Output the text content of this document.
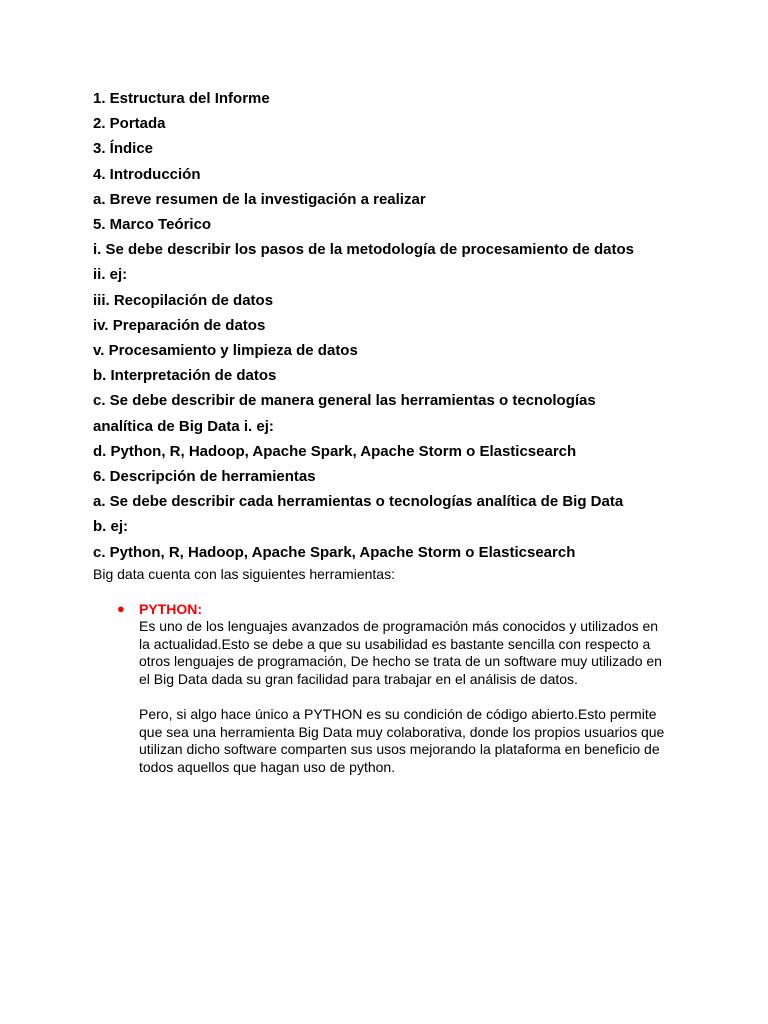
1. Estructura del Informe
2. Portada
3. Índice
4. Introducción
a. Breve resumen de la investigación a realizar
5. Marco Teórico
i. Se debe describir los pasos de la metodología de procesamiento de datos
ii. ej:
iii. Recopilación de datos
iv. Preparación de datos
v. Procesamiento y limpieza de datos
b. Interpretación de datos
c. Se debe describir de manera general las herramientas o tecnologías
analítica de Big Data i. ej:
d. Python, R, Hadoop, Apache Spark, Apache Storm o Elasticsearch
6. Descripción de herramientas
a. Se debe describir cada herramientas o tecnologías analítica de Big Data
b. ej:
c. Python, R, Hadoop, Apache Spark, Apache Storm o Elasticsearch

Big data cuenta con las siguientes herramientas:

● PYTHON:

Es uno de los lenguajes avanzados de programación más conocidos y utilizados en
la actualidad.Esto se debe a que su usabilidad es bastante sencilla con respecto a
otros lenguajes de programación, De hecho se trata de un software muy utilizado en
el Big Data dada su gran facilidad para trabajar en el análisis de datos.

Pero, si algo hace único a PYTHON es su condición de código abierto.Esto permite
que sea una herramienta Big Data muy colaborativa, donde los propios usuarios que
utilizan dicho software comparten sus usos mejorando la plataforma en beneficio de
todos aquellos que hagan uso de python.
